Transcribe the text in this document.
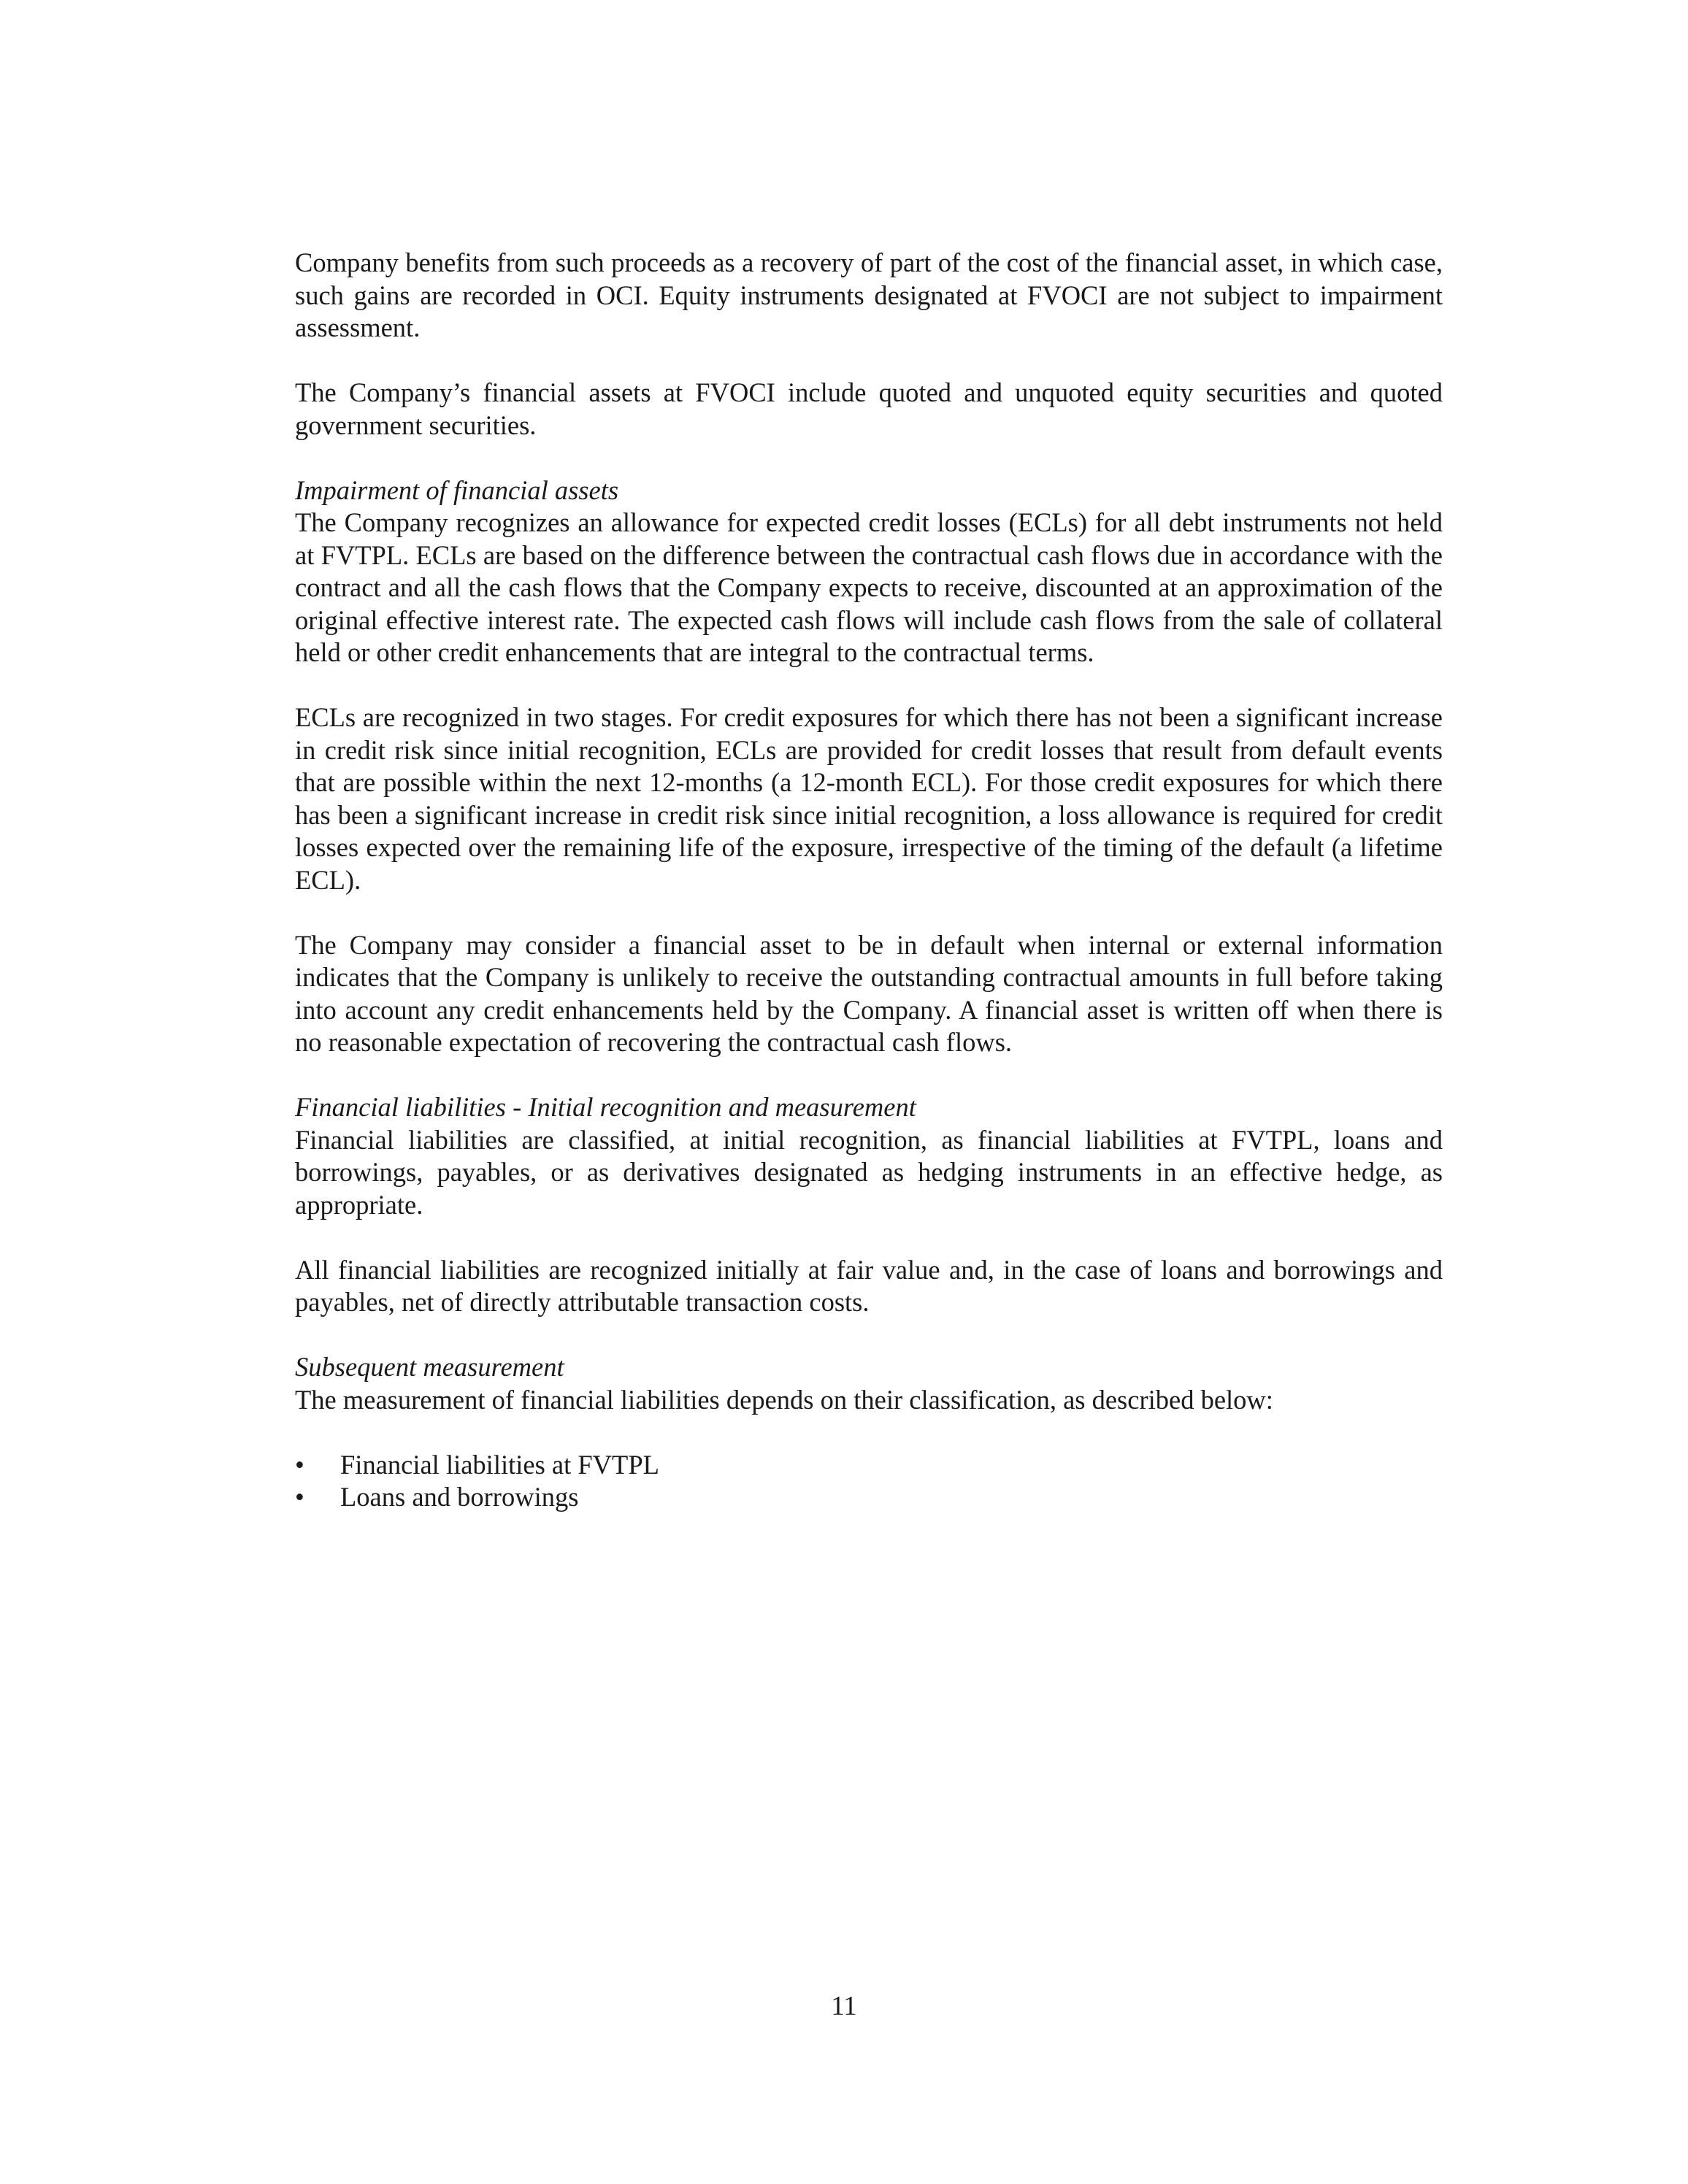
Company benefits from such proceeds as a recovery of part of the cost of the financial asset, in which case, such gains are recorded in OCI. Equity instruments designated at FVOCI are not subject to impairment assessment.

The Company’s financial assets at FVOCI include quoted and unquoted equity securities and quoted government securities.

Impairment of financial assets

The Company recognizes an allowance for expected credit losses (ECLs) for all debt instruments not held at FVTPL. ECLs are based on the difference between the contractual cash flows due in accordance with the contract and all the cash flows that the Company expects to receive, discounted at an approximation of the original effective interest rate. The expected cash flows will include cash flows from the sale of collateral held or other credit enhancements that are integral to the contractual terms.

ECLs are recognized in two stages. For credit exposures for which there has not been a significant increase in credit risk since initial recognition, ECLs are provided for credit losses that result from default events that are possible within the next 12-months (a 12-month ECL). For those credit exposures for which there has been a significant increase in credit risk since initial recognition, a loss allowance is required for credit losses expected over the remaining life of the exposure, irrespective of the timing of the default (a lifetime ECL).

The Company may consider a financial asset to be in default when internal or external information indicates that the Company is unlikely to receive the outstanding contractual amounts in full before taking into account any credit enhancements held by the Company. A financial asset is written off when there is no reasonable expectation of recovering the contractual cash flows.

Financial liabilities - Initial recognition and measurement

Financial liabilities are classified, at initial recognition, as financial liabilities at FVTPL, loans and borrowings, payables, or as derivatives designated as hedging instruments in an effective hedge, as appropriate.

All financial liabilities are recognized initially at fair value and, in the case of loans and borrowings and payables, net of directly attributable transaction costs.

Subsequent measurement

The measurement of financial liabilities depends on their classification, as described below:

• Financial liabilities at FVTPL
• Loans and borrowings
11
